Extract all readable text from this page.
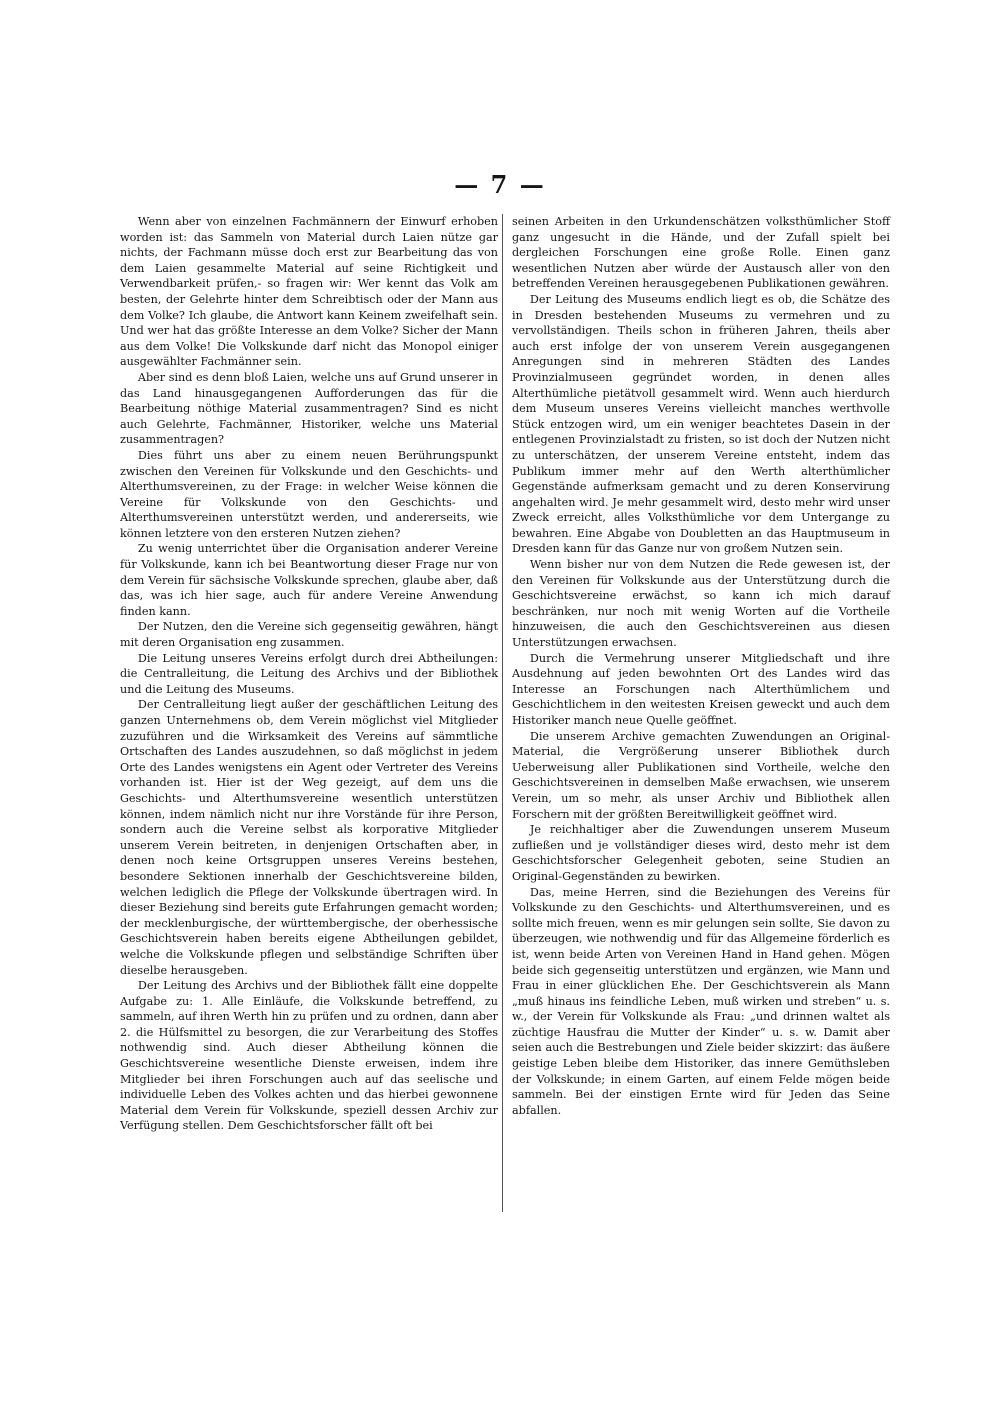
— 7 —

Wenn aber von einzelnen Fachmännern der Einwurf erhoben worden ist: das Sammeln von Material durch Laien nütze gar nichts, der Fachmann müsse doch erst zur Bearbeitung das von dem Laien gesammelte Material auf seine Richtigkeit und Verwendbarkeit prüfen,- so fragen wir: Wer kennt das Volk am besten, der Gelehrte hinter dem Schreibtisch oder der Mann aus dem Volke? Ich glaube, die Antwort kann Keinem zweifelhaft sein. Und wer hat das größte Interesse an dem Volke? Sicher der Mann aus dem Volke! Die Volkskunde darf nicht das Monopol einiger ausgewählter Fachmänner sein.

Aber sind es denn bloß Laien, welche uns auf Grund unserer in das Land hinausgegangenen Aufforderungen das für die Bearbeitung nöthige Material zusammentragen? Sind es nicht auch Gelehrte, Fachmänner, Historiker, welche uns Material zusammentragen?

Dies führt uns aber zu einem neuen Berührungspunkt zwischen den Vereinen für Volkskunde und den Geschichts- und Alterthumsvereinen, zu der Frage: in welcher Weise können die Vereine für Volkskunde von den Geschichts- und Alterthumsvereinen unterstützt werden, und andererseits, wie können letztere von den ersteren Nutzen ziehen?

Zu wenig unterrichtet über die Organisation anderer Vereine für Volkskunde, kann ich bei Beantwortung dieser Frage nur von dem Verein für sächsische Volkskunde sprechen, glaube aber, daß das, was ich hier sage, auch für andere Vereine Anwendung finden kann.

Der Nutzen, den die Vereine sich gegenseitig gewähren, hängt mit deren Organisation eng zusammen.

Die Leitung unseres Vereins erfolgt durch drei Abtheilungen: die Centralleitung, die Leitung des Archivs und der Bibliothek und die Leitung des Museums.

Der Centralleitung liegt außer der geschäftlichen Leitung des ganzen Unternehmens ob, dem Verein möglichst viel Mitglieder zuzuführen und die Wirksamkeit des Vereins auf sämmtliche Ortschaften des Landes auszudehnen, so daß möglichst in jedem Orte des Landes wenigstens ein Agent oder Vertreter des Vereins vorhanden ist. Hier ist der Weg gezeigt, auf dem uns die Geschichts- und Alterthumsvereine wesentlich unterstützen können, indem nämlich nicht nur ihre Vorstände für ihre Person, sondern auch die Vereine selbst als korporative Mitglieder unserem Verein beitreten, in denjenigen Ortschaften aber, in denen noch keine Ortsgruppen unseres Vereins bestehen, besondere Sektionen innerhalb der Geschichtsvereine bilden, welchen lediglich die Pflege der Volkskunde übertragen wird. In dieser Beziehung sind bereits gute Erfahrungen gemacht worden; der mecklenburgische, der württembergische, der oberhessische Geschichtsverein haben bereits eigene Abtheilungen gebildet, welche die Volkskunde pflegen und selbständige Schriften über dieselbe herausgeben.

Der Leitung des Archivs und der Bibliothek fällt eine doppelte Aufgabe zu: 1. Alle Einläufe, die Volkskunde betreffend, zu sammeln, auf ihren Werth hin zu prüfen und zu ordnen, dann aber 2. die Hülfsmittel zu besorgen, die zur Verarbeitung des Stoffes nothwendig sind. Auch dieser Abtheilung können die Geschichtsvereine wesentliche Dienste erweisen, indem ihre Mitglieder bei ihren Forschungen auch auf das seelische und individuelle Leben des Volkes achten und das hierbei gewonnene Material dem Verein für Volkskunde, speziell dessen Archiv zur Verfügung stellen. Dem Geschichtsforscher fällt oft bei

seinen Arbeiten in den Urkundenschätzen volksthümlicher Stoff ganz ungesucht in die Hände, und der Zufall spielt bei dergleichen Forschungen eine große Rolle. Einen ganz wesentlichen Nutzen aber würde der Austausch aller von den betreffenden Vereinen herausgegebenen Publikationen gewähren.

Der Leitung des Museums endlich liegt es ob, die Schätze des in Dresden bestehenden Museums zu vermehren und zu vervollständigen. Theils schon in früheren Jahren, theils aber auch erst infolge der von unserem Verein ausgegangenen Anregungen sind in mehreren Städten des Landes Provinzialmuseen gegründet worden, in denen alles Alterthümliche pietätvoll gesammelt wird. Wenn auch hierdurch dem Museum unseres Vereins vielleicht manches werthvolle Stück entzogen wird, um ein weniger beachtetes Dasein in der entlegenen Provinzialstadt zu fristen, so ist doch der Nutzen nicht zu unterschätzen, der unserem Vereine entsteht, indem das Publikum immer mehr auf den Werth alterthümlicher Gegenstände aufmerksam gemacht und zu deren Konservirung angehalten wird. Je mehr gesammelt wird, desto mehr wird unser Zweck erreicht, alles Volksthümliche vor dem Untergange zu bewahren. Eine Abgabe von Doubletten an das Hauptmuseum in Dresden kann für das Ganze nur von großem Nutzen sein.

Wenn bisher nur von dem Nutzen die Rede gewesen ist, der den Vereinen für Volkskunde aus der Unterstützung durch die Geschichtsvereine erwächst, so kann ich mich darauf beschränken, nur noch mit wenig Worten auf die Vortheile hinzuweisen, die auch den Geschichtsvereinen aus diesen Unterstützungen erwachsen.

Durch die Vermehrung unserer Mitgliedschaft und ihre Ausdehnung auf jeden bewohnten Ort des Landes wird das Interesse an Forschungen nach Alterthümlichem und Geschichtlichem in den weitesten Kreisen geweckt und auch dem Historiker manch neue Quelle geöffnet.

Die unserem Archive gemachten Zuwendungen an Original-Material, die Vergrößerung unserer Bibliothek durch Ueberweisung aller Publikationen sind Vortheile, welche den Geschichtsvereinen in demselben Maße erwachsen, wie unserem Verein, um so mehr, als unser Archiv und Bibliothek allen Forschern mit der größten Bereitwilligkeit geöffnet wird.

Je reichhaltiger aber die Zuwendungen unserem Museum zufließen und je vollständiger dieses wird, desto mehr ist dem Geschichtsforscher Gelegenheit geboten, seine Studien an Original-Gegenständen zu bewirken.

Das, meine Herren, sind die Beziehungen des Vereins für Volkskunde zu den Geschichts- und Alterthumsvereinen, und es sollte mich freuen, wenn es mir gelungen sein sollte, Sie davon zu überzeugen, wie nothwendig und für das Allgemeine förderlich es ist, wenn beide Arten von Vereinen Hand in Hand gehen. Mögen beide sich gegenseitig unterstützen und ergänzen, wie Mann und Frau in einer glücklichen Ehe. Der Geschichtsverein als Mann „muß hinaus ins feindliche Leben, muß wirken und streben“ u. s. w., der Verein für Volkskunde als Frau: „und drinnen waltet als züchtige Hausfrau die Mutter der Kinder“ u. s. w. Damit aber seien auch die Bestrebungen und Ziele beider skizzirt: das äußere geistige Leben bleibe dem Historiker, das innere Gemüthsleben der Volkskunde; in einem Garten, auf einem Felde mögen beide sammeln. Bei der einstigen Ernte wird für Jeden das Seine abfallen.
